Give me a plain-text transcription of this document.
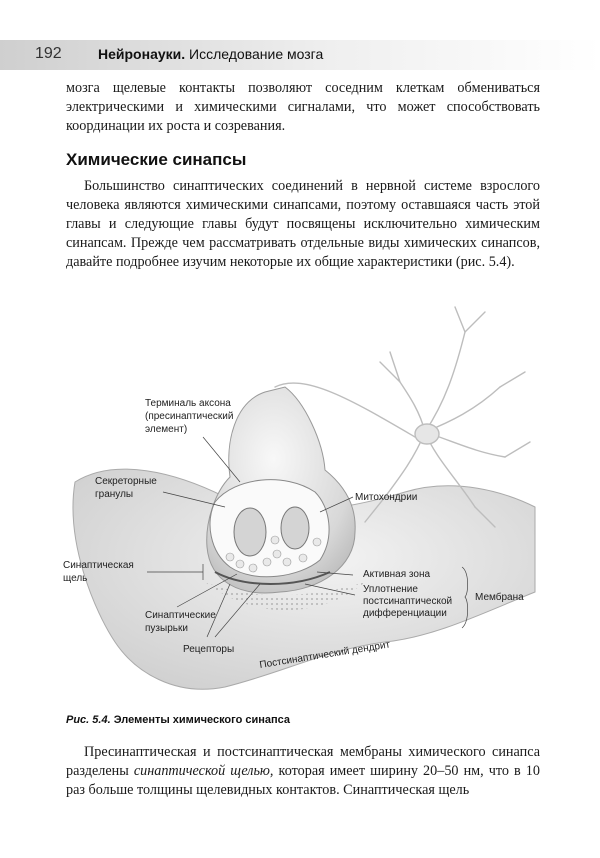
192	Нейронауки. Исследование мозга

мозга щелевые контакты позволяют соседним клеткам обмениваться электрическими и химическими сигналами, что может способствовать координации их роста и созревания.

Химические синапсы

Большинство синаптических соединений в нервной системе взрослого человека являются химическими синапсами, поэтому оставшаяся часть этой главы и следующие главы будут посвящены исключительно химическим синапсам. Прежде чем рассматривать отдельные виды химических синапсов, давайте подробнее изучим некоторые их общие характеристики (рис. 5.4).

Терминаль аксона
(пресинаптический
элемент)
Секреторные
гранулы	Митохондрии
Синаптическая
щель	Активная зона
Уплотнение
постсинаптической
дифференциации
Мембрана
Синаптические
пузырьки
Рецепторы Постсинаптический дендрит

Рис. 5.4. Элементы химического синапса

Пресинаптическая и постсинаптическая мембраны химического синапса разделены синаптической щелью, которая имеет ширину 20–50 нм, что в 10 раз больше толщины щелевидных контактов. Синаптическая щель
